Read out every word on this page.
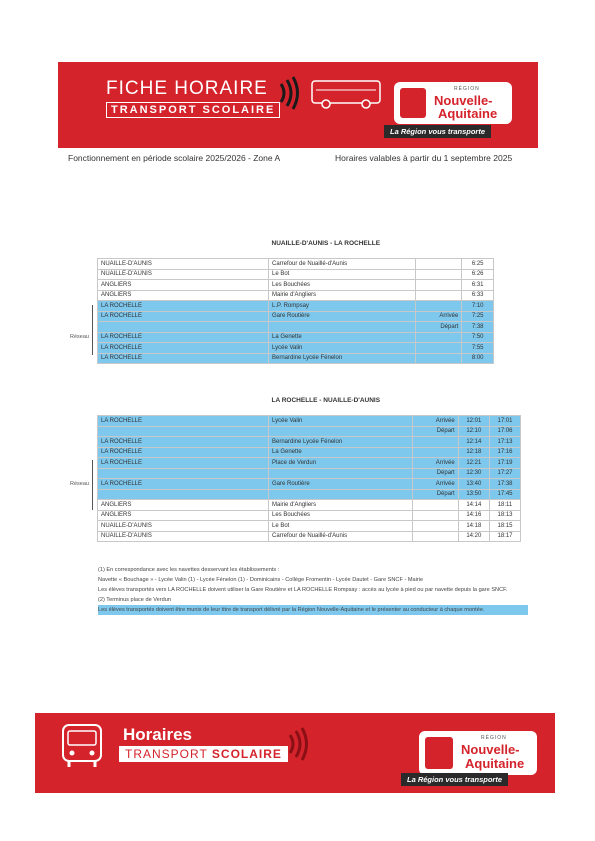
FICHE HORAIRE
TRANSPORT SCOLAIRE
RÉGION
Nouvelle-
Aquitaine
La Région vous transporte
Fonctionnement en période scolaire 2025/2026 - Zone A	Horaires valables à partir du 1 septembre 2025
1213	NUAILLE-D'AUNIS - LA ROCHELLE		
			LMMeJV
NUAILLE-D'AUNIS	Carrefour de Nuaillé-d'Aunis		6:25
NUAILLE-D'AUNIS	Le Bot		6:26
ANGLIERS	Les Bouchées		6:31
ANGLIERS	Mairie d'Angliers		6:33
LA ROCHELLE	L.P. Rompsay		7:10
LA ROCHELLE	Gare Routière	Arrivée	7:25
		Départ	7:38
LA ROCHELLE	La Genette		7:50
LA ROCHELLE	Lycée Valin		7:55
LA ROCHELLE	Bernardine Lycée Fénelon		8:00
Réseau
1213	LA ROCHELLE - NUAILLE-D'AUNIS			
			Mercredi	LMJV
LA ROCHELLE	Lycée Valin	Arrivée	12:01	17:01
		Départ	12:10	17:06
LA ROCHELLE	Bernardine Lycée Fénelon		12:14	17:13
LA ROCHELLE	La Genette		12:18	17:16
LA ROCHELLE	Place de Verdun	Arrivée	12:21	17:19
		Départ	12:30	17:27
LA ROCHELLE	Gare Routière	Arrivée	13:40	17:38
		Départ	13:50	17:45
ANGLIERS	Mairie d'Angliers		14:14	18:11
ANGLIERS	Les Bouchées		14:16	18:13
NUAILLE-D'AUNIS	Le Bot		14:18	18:15
NUAILLE-D'AUNIS	Carrefour de Nuaillé-d'Aunis		14:20	18:17
Réseau
(1) En correspondance avec les navettes desservant les établissements :
Navette « Bouchage » - Lycée Valin (1) - Lycée Fénelon (1) - Dominicains - Collège Fromentin - Lycée Dautet - Gare SNCF - Mairie
Les élèves transportés vers LA ROCHELLE doivent utiliser la Gare Routière et LA ROCHELLE Rompsay : accès au lycée à pied ou par navette depuis la gare SNCF.
(2) Terminus place de Verdun
Les élèves transportés doivent être munis de leur titre de transport délivré par la Région Nouvelle-Aquitaine et le présenter au conducteur à chaque montée.
Horaires
TRANSPORT SCOLAIRE
RÉGION
Nouvelle-
Aquitaine
La Région vous transporte
